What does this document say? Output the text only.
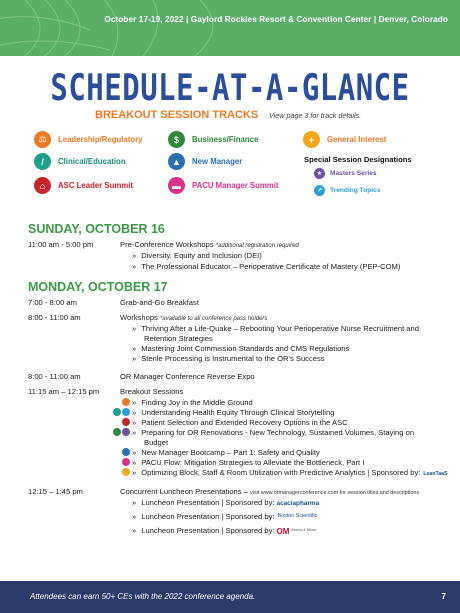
October 17-19, 2022 | Gaylord Rockies Resort & Convention Center | Denver, Colorado
SCHEDULE-AT-A-GLANCE
BREAKOUT SESSION TRACKS View page 3 for track details.
⚖	Leadership/Regulatory	$	Business/Finance	+	General Interest
/	Clinical/Education	▲	New Manager
⌂	ASC Leader Summit	▬	PACU Manager Summit
Special Session Designations
★	Masters Series
↗	Trending Topics
SUNDAY, OCTOBER 16
11:00 am - 5:00 pm	Pre-Conference Workshops *additional registration required
» Diversity, Equity and Inclusion (DEI)
» The Professional Educator – Perioperative Certificate of Mastery (PEP-COM)
MONDAY, OCTOBER 17
7:00 - 8:00 am	Grab-and-Go Breakfast
8:00 - 11:00 am	Workshops *available to all conference pass holders
» Thriving After a Life-Quake – Rebooting Your Perioperative Nurse Recruitment and
Retention Strategies
» Mastering Joint Commission Standards and CMS Regulations
» Sterile Processing is Instrumental to the OR's Success
8:00 - 11:00 am	OR Manager Conference Reverse Expo
11:15 am – 12:15 pm	Breakout Sessions
» Finding Joy in the Middle Ground
» Understanding Health Equity Through Clinical Storytelling
» Patient Selection and Extended Recovery Options in the ASC
» Preparing for OR Renovations - New Technology, Sustained Volumes, Staying on
Budget
» New Manager Bootcamp – Part 1: Safety and Quality
» PACU Flow: Mitigation Strategies to Alleviate the Bottleneck, Part I
» Optimizing Block, Staff & Room Utilization with Predictive Analytics | Sponsored by: LeanTaaS
12:15 – 1:45 pm	Concurrent Luncheon Presentations – visit www.ormanagerconference.com for session titles and descriptions
» Luncheon Presentation | Sponsored by: acaciapharma
» Luncheon Presentation | Sponsored by: Boston Scientific
» Luncheon Presentation | Sponsored by: OM Owens & Minor
Attendees can earn 50+ CEs with the 2022 conference agenda.	7
